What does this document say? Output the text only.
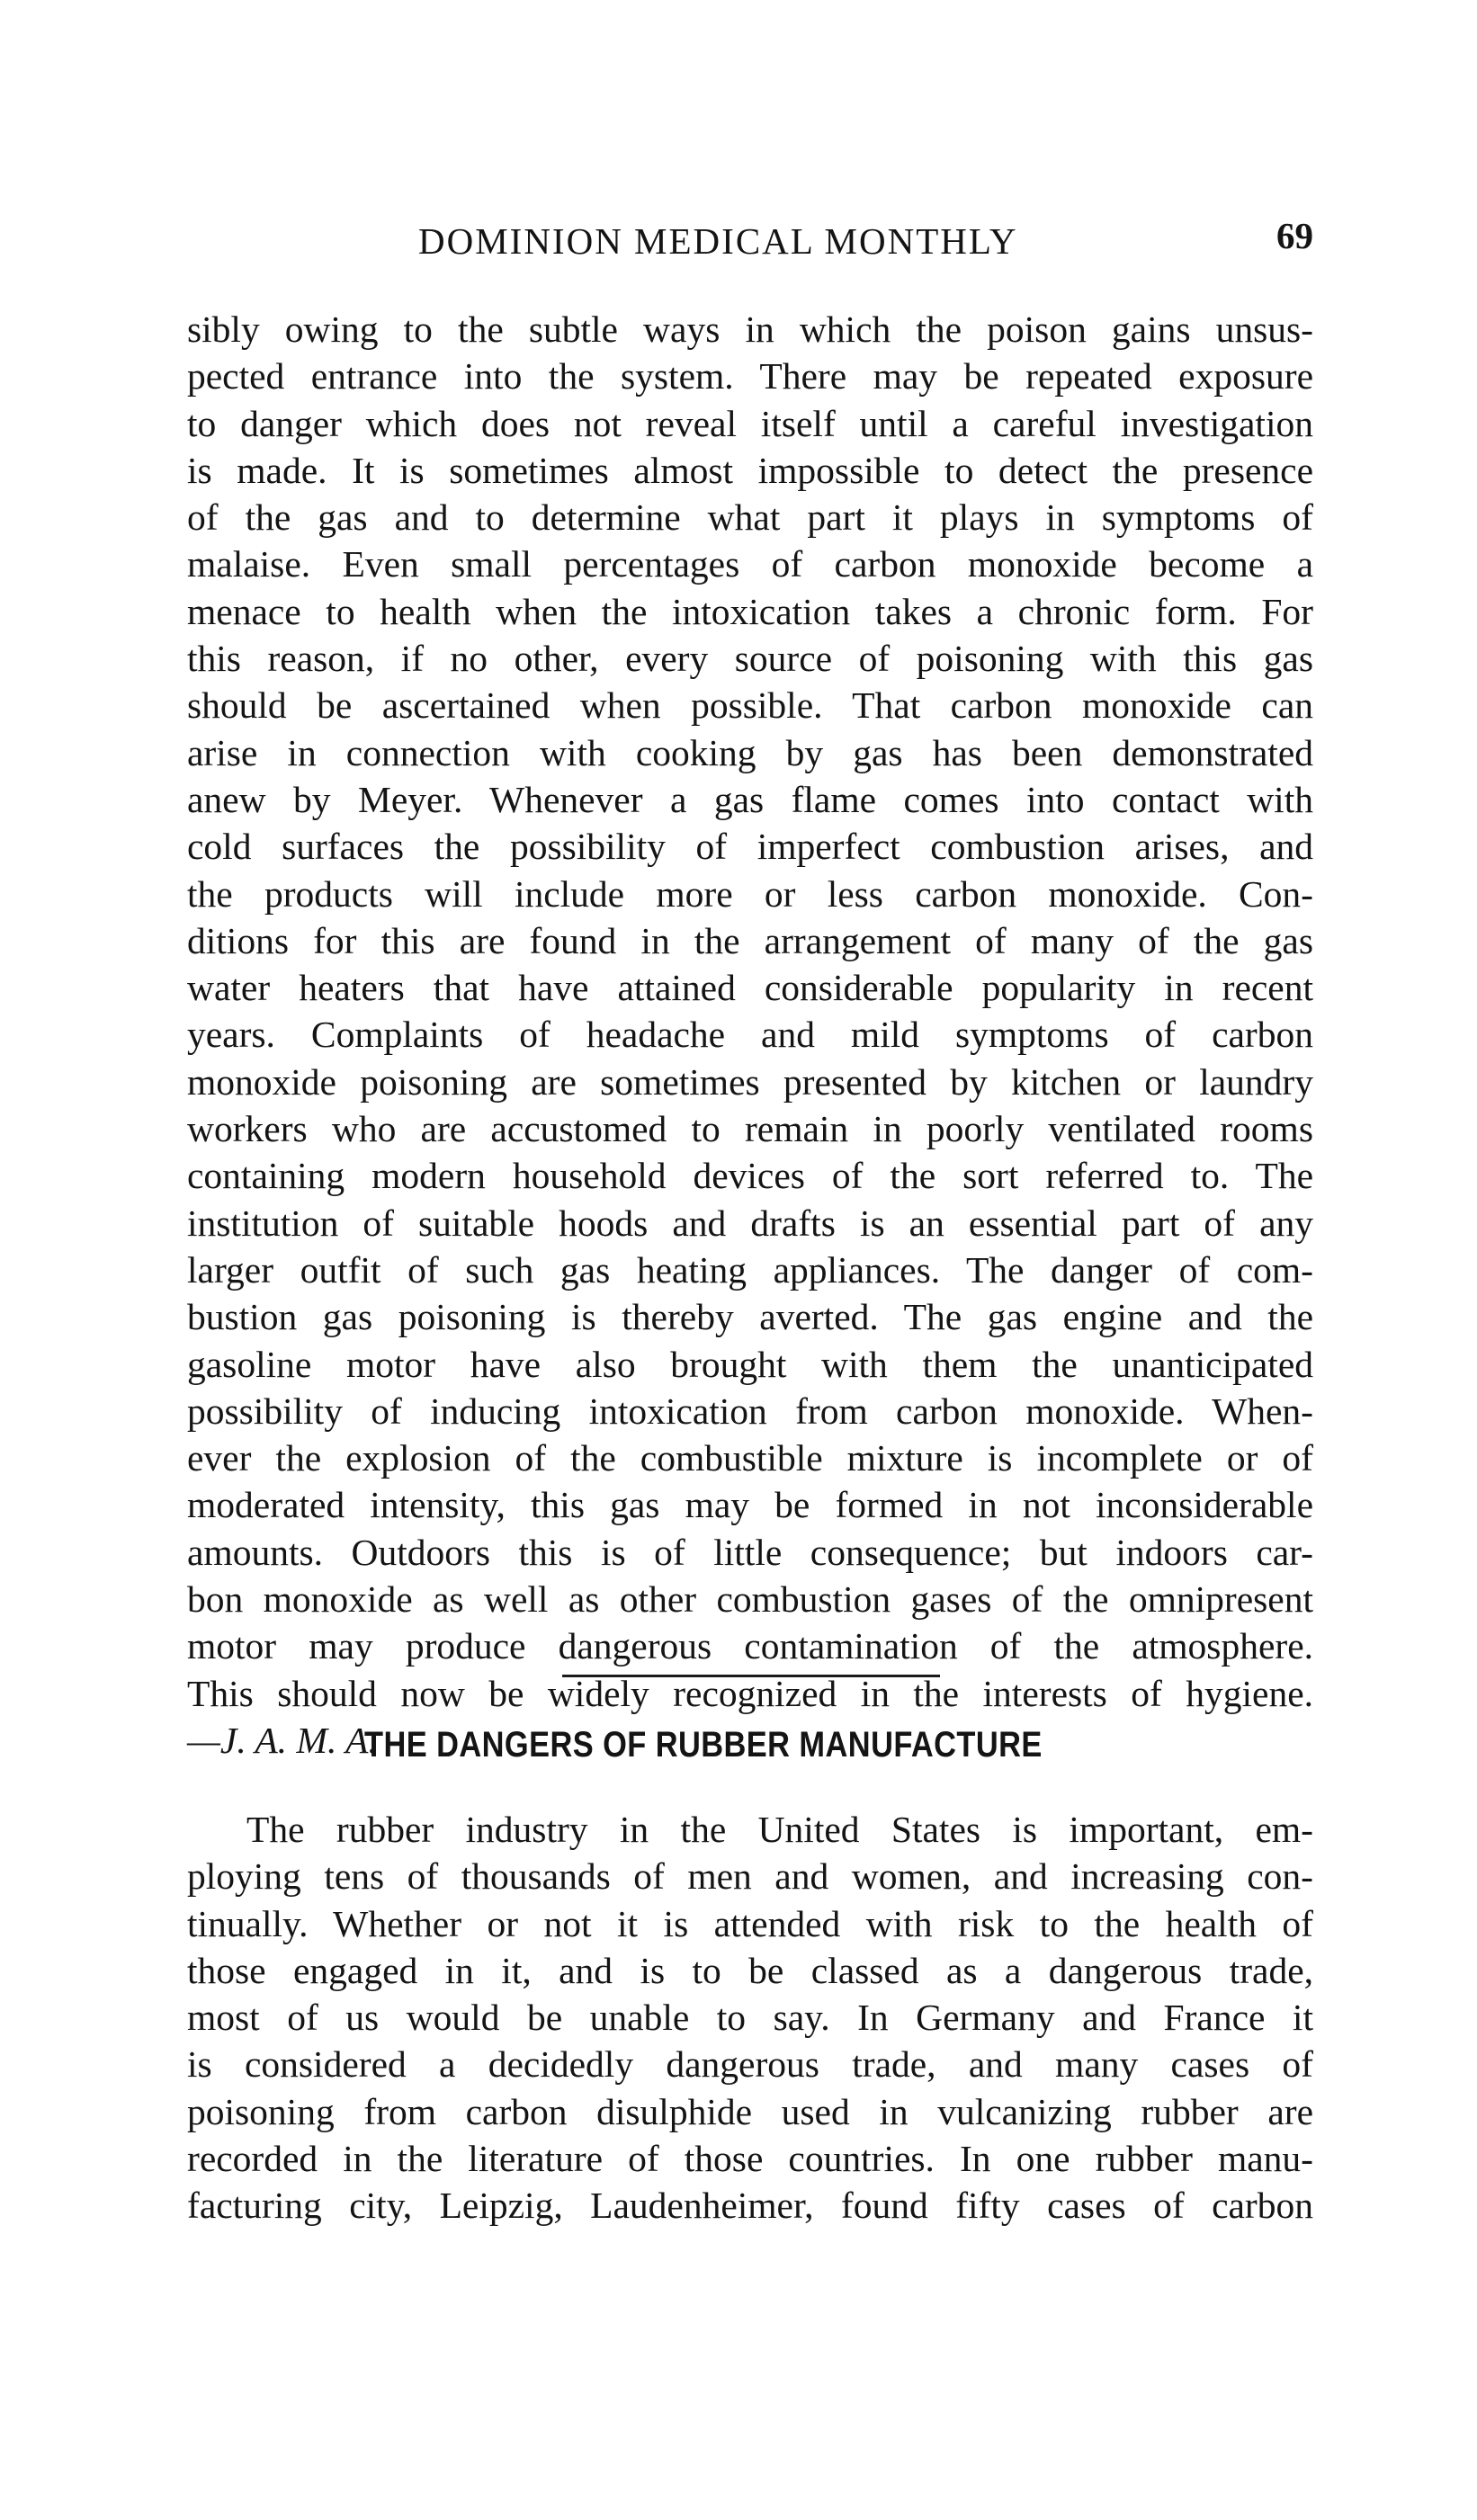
DOMINION MEDICAL MONTHLY	69
sibly owing to the subtle ways in which the poison gains unsus-
pected entrance into the system. There may be repeated exposure
to danger which does not reveal itself until a careful investigation
is made. It is sometimes almost impossible to detect the presence
of the gas and to determine what part it plays in symptoms of
malaise. Even small percentages of carbon monoxide become a
menace to health when the intoxication takes a chronic form. For
this reason, if no other, every source of poisoning with this gas
should be ascertained when possible. That carbon monoxide can
arise in connection with cooking by gas has been demonstrated
anew by Meyer. Whenever a gas flame comes into contact with
cold surfaces the possibility of imperfect combustion arises, and
the products will include more or less carbon monoxide. Con-
ditions for this are found in the arrangement of many of the gas
water heaters that have attained considerable popularity in recent
years. Complaints of headache and mild symptoms of carbon
monoxide poisoning are sometimes presented by kitchen or laundry
workers who are accustomed to remain in poorly ventilated rooms
containing modern household devices of the sort referred to. The
institution of suitable hoods and drafts is an essential part of any
larger outfit of such gas heating appliances. The danger of com-
bustion gas poisoning is thereby averted. The gas engine and the
gasoline motor have also brought with them the unanticipated
possibility of inducing intoxication from carbon monoxide. When-
ever the explosion of the combustible mixture is incomplete or of
moderated intensity, this gas may be formed in not inconsiderable
amounts. Outdoors this is of little consequence; but indoors car-
bon monoxide as well as other combustion gases of the omnipresent
motor may produce dangerous contamination of the atmosphere.
This should now be widely recognized in the interests of hygiene.
—J. A. M. A.
THE DANGERS OF RUBBER MANUFACTURE
The rubber industry in the United States is important, em-
ploying tens of thousands of men and women, and increasing con-
tinually. Whether or not it is attended with risk to the health of
those engaged in it, and is to be classed as a dangerous trade,
most of us would be unable to say. In Germany and France it
is considered a decidedly dangerous trade, and many cases of
poisoning from carbon disulphide used in vulcanizing rubber are
recorded in the literature of those countries. In one rubber manu-
facturing city, Leipzig, Laudenheimer, found fifty cases of carbon
